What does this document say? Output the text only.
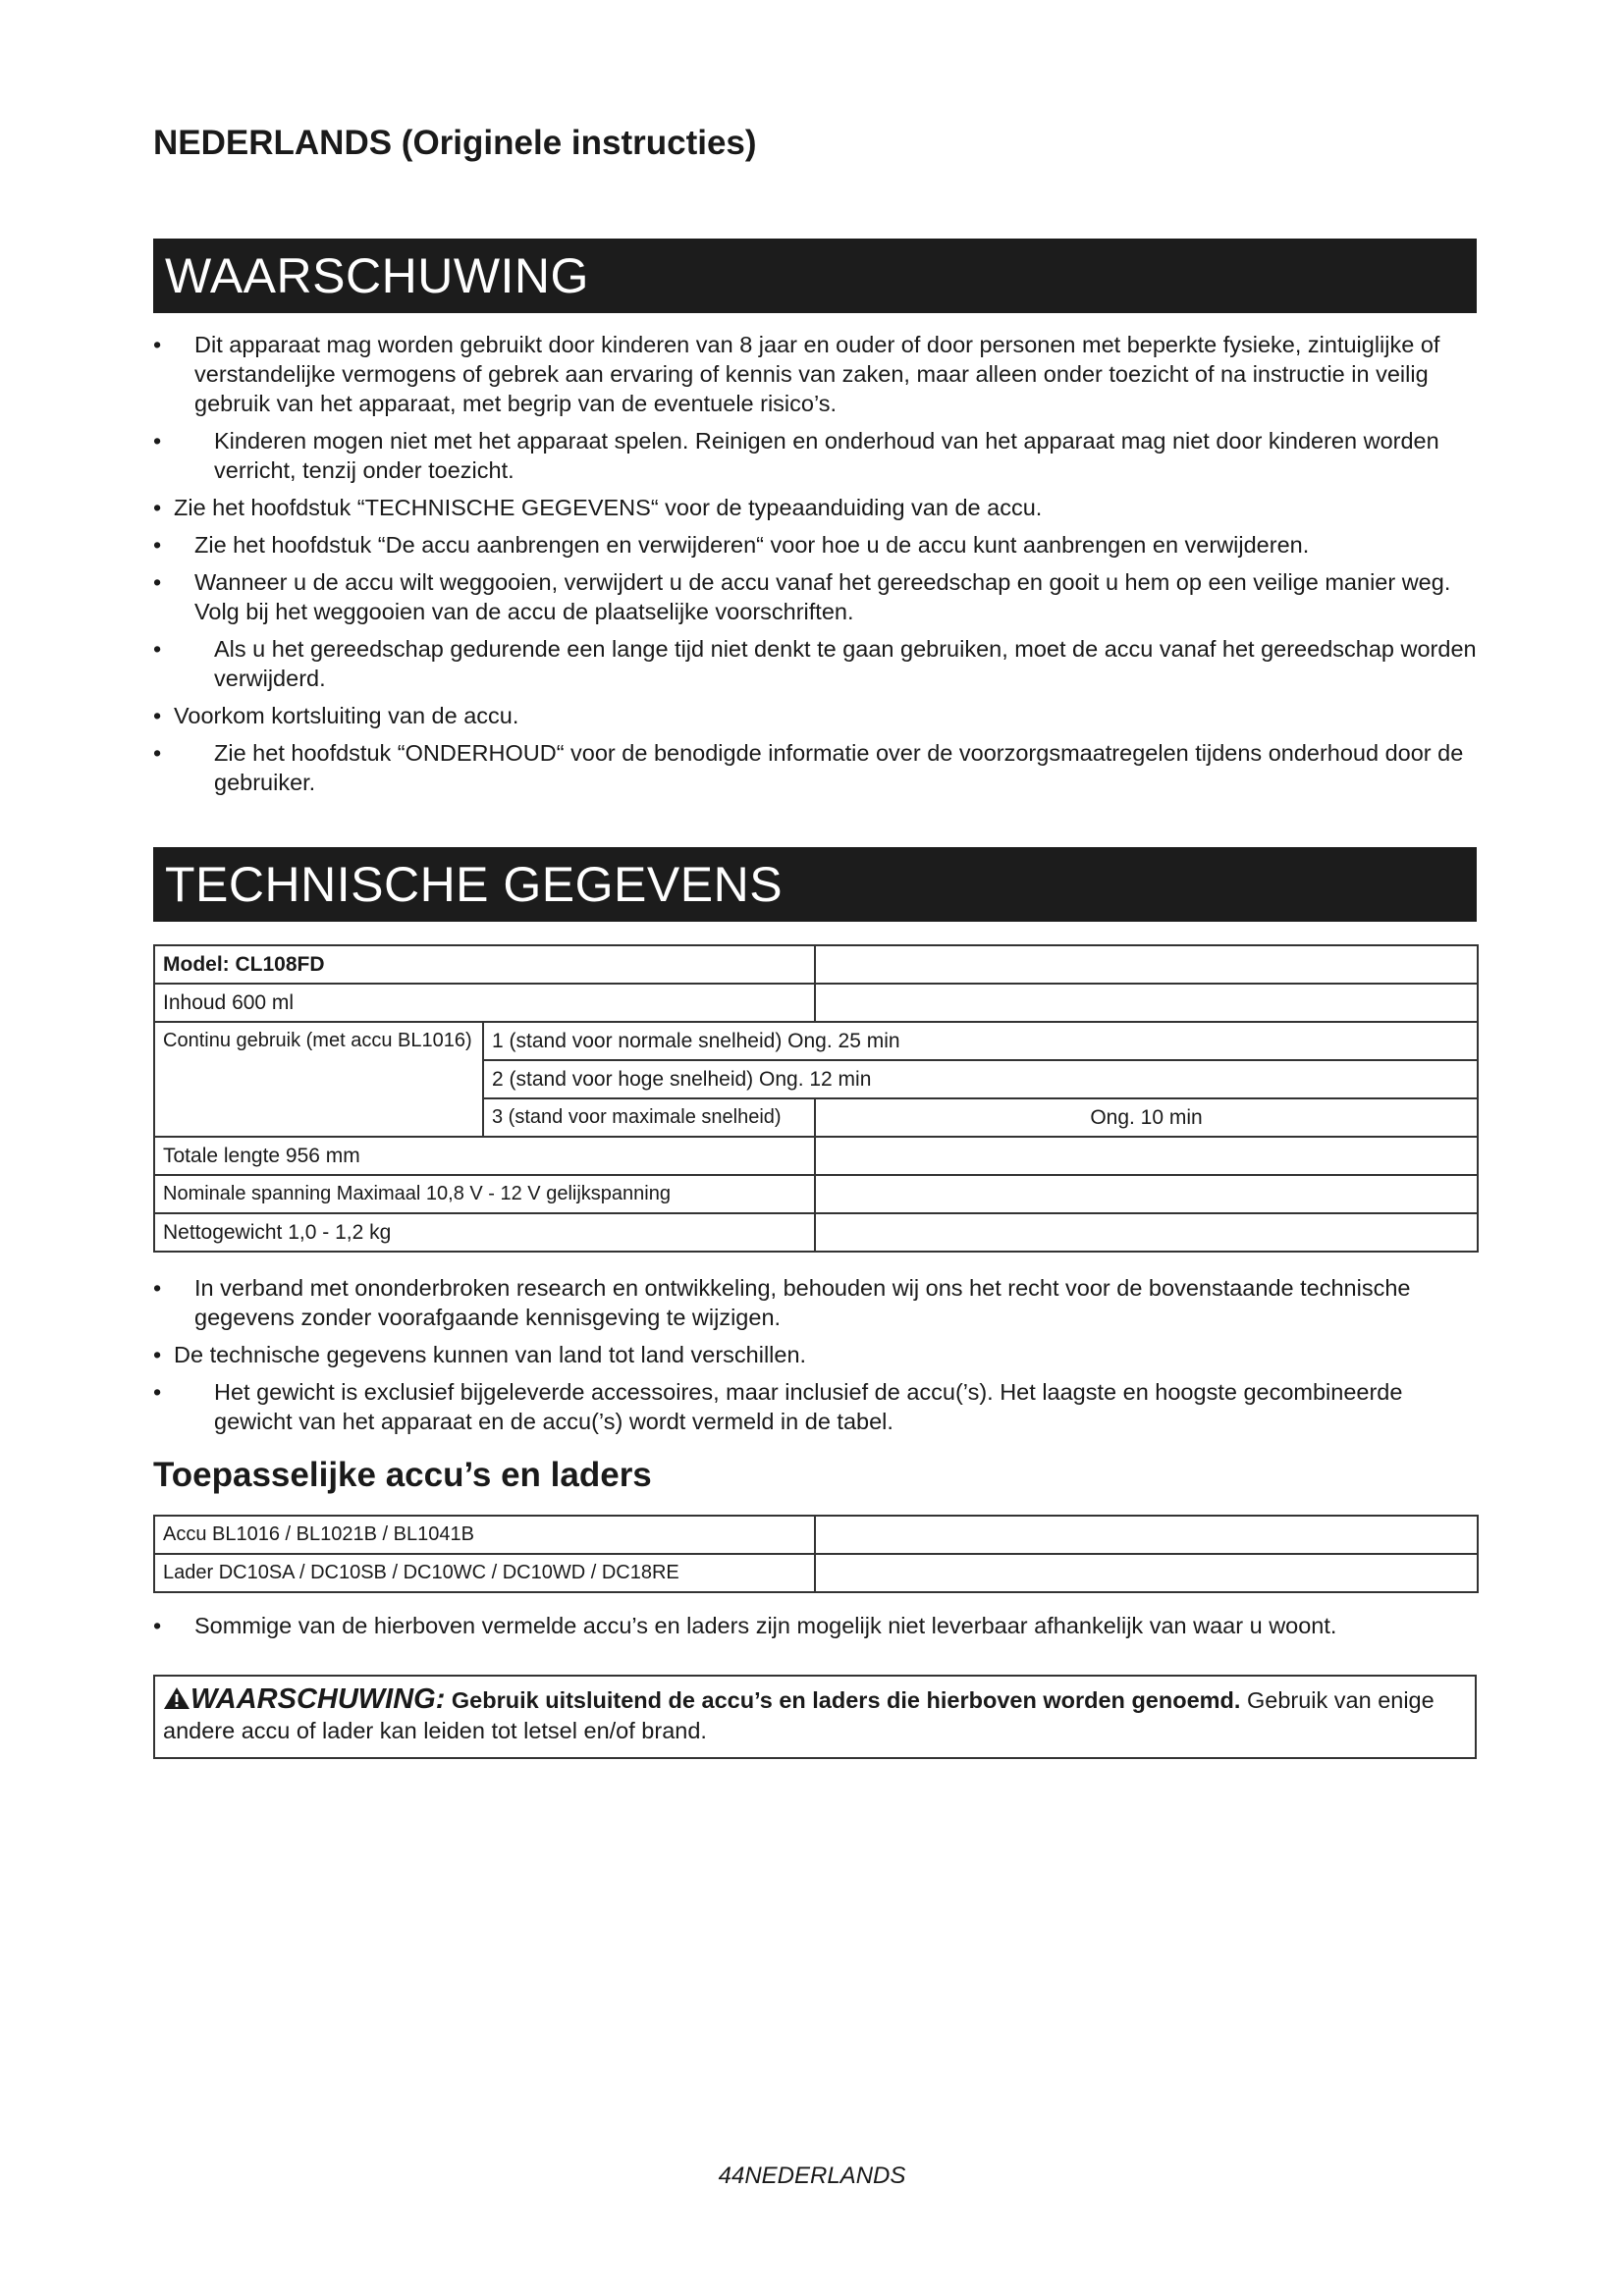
NEDERLANDS (Originele instructies)
WAARSCHUWING
•	Dit apparaat mag worden gebruikt door kinderen van 8 jaar en ouder of door personen met beperkte fysieke, zintuiglijke of verstandelijke vermogens of gebrek aan ervaring of kennis van zaken, maar alleen onder toezicht of na instructie in veilig gebruik van het apparaat, met begrip van de eventuele risico’s.
•	Kinderen mogen niet met het apparaat spelen. Reinigen en onderhoud van het apparaat mag niet door kinderen worden verricht, tenzij onder toezicht.
• Zie het hoofdstuk “TECHNISCHE GEGEVENS“ voor de typeaanduiding van de accu.
•	Zie het hoofdstuk “De accu aanbrengen en verwijderen“ voor hoe u de accu kunt aanbrengen en verwijderen.
•	Wanneer u de accu wilt weggooien, verwijdert u de accu vanaf het gereedschap en gooit u hem op een veilige manier weg. Volg bij het weggooien van de accu de plaatselijke voorschriften.
•	Als u het gereedschap gedurende een lange tijd niet denkt te gaan gebruiken, moet de accu vanaf het gereedschap worden verwijderd.
• Voorkom kortsluiting van de accu.
•	Zie het hoofdstuk “ONDERHOUD“ voor de benodigde informatie over de voorzorgsmaatregelen tijdens onderhoud door de gebruiker.
TECHNISCHE GEGEVENS
Model: CL108FD		
Inhoud 600 ml		
Continu gebruik (met accu BL1016)	1 (stand voor normale snelheid) Ong. 25 min	
	2 (stand voor hoge snelheid) Ong. 12 min	
	3 (stand voor maximale snelheid)	Ong. 10 min
Totale lengte 956 mm		
Nominale spanning Maximaal 10,8 V - 12 V gelijkspanning		
Nettogewicht 1,0 - 1,2 kg		
•	In verband met ononderbroken research en ontwikkeling, behouden wij ons het recht voor de bovenstaande technische gegevens zonder voorafgaande kennisgeving te wijzigen.
• De technische gegevens kunnen van land tot land verschillen.
•	Het gewicht is exclusief bijgeleverde accessoires, maar inclusief de accu(’s). Het laagste en hoogste gecombineerde gewicht van het apparaat en de accu(’s) wordt vermeld in de tabel.
Toepasselijke accu’s en laders
Accu BL1016 / BL1021B / BL1041B	
Lader DC10SA / DC10SB / DC10WC / DC10WD / DC18RE	
•	Sommige van de hierboven vermelde accu’s en laders zijn mogelijk niet leverbaar afhankelijk van waar u woont.
WAARSCHUWING: Gebruik uitsluitend de accu’s en laders die hierboven worden genoemd. Gebruik van enige andere accu of lader kan leiden tot letsel en/of brand.

44NEDERLANDS
